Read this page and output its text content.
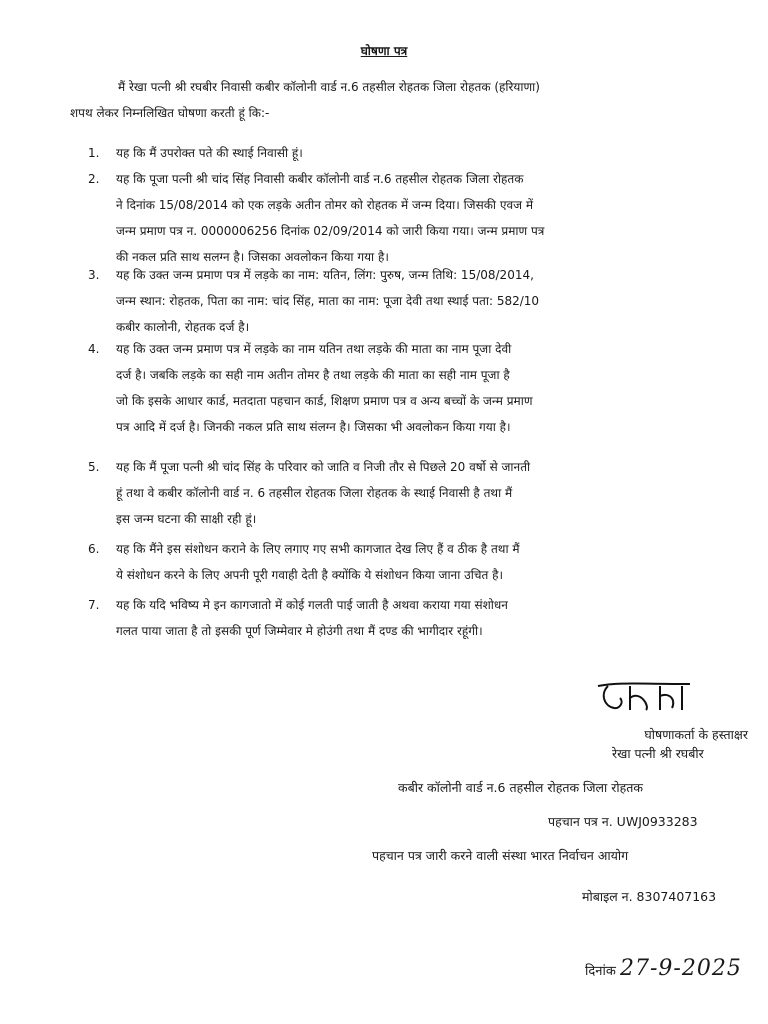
घोषणा पत्र
मैं रेखा पत्नी श्री रघबीर निवासी कबीर कॉलोनी वार्ड न.6 तहसील रोहतक जिला रोहतक (हरियाणा)
शपथ लेकर निम्नलिखित घोषणा करती हूं कि:-
1.	यह कि मैं उपरोक्त पते की स्थाई निवासी हूं।
2.	यह कि पूजा पत्नी श्री चांद सिंह निवासी कबीर कॉलोनी वार्ड न.6 तहसील रोहतक जिला रोहतक
ने दिनांक 15/08/2014 को एक लड़के अतीन तोमर को रोहतक में जन्म दिया। जिसकी एवज में
जन्म प्रमाण पत्र न. 0000006256 दिनांक 02/09/2014 को जारी किया गया। जन्म प्रमाण पत्र
की नकल प्रति साथ सलग्न है। जिसका अवलोकन किया गया है।
3.	यह कि उक्त जन्म प्रमाण पत्र में लड़के का नाम: यतिन, लिंग: पुरुष, जन्म तिथि: 15/08/2014,
जन्म स्थान: रोहतक, पिता का नाम: चांद सिंह, माता का नाम: पूजा देवी तथा स्थाई पता: 582/10
कबीर कालोनी, रोहतक दर्ज है।
4.	यह कि उक्त जन्म प्रमाण पत्र में लड़के का नाम यतिन तथा लड़के की माता का नाम पूजा देवी
दर्ज है। जबकि लड़के का सही नाम अतीन तोमर है तथा लड़के की माता का सही नाम पूजा है
जो कि इसके आधार कार्ड, मतदाता पहचान कार्ड, शिक्षण प्रमाण पत्र व अन्य बच्चों के जन्म प्रमाण
पत्र आदि में दर्ज है। जिनकी नकल प्रति साथ संलग्न है। जिसका भी अवलोकन किया गया है।
5.	यह कि मैं पूजा पत्नी श्री चांद सिंह के परिवार को जाति व निजी तौर से पिछले 20 वर्षो से जानती
हूं तथा वे कबीर कॉलोनी वार्ड न. 6 तहसील रोहतक जिला रोहतक के स्थाई निवासी है तथा मैं
इस जन्म घटना की साक्षी रही हूं।
6.	यह कि मैंने इस संशोधन कराने के लिए लगाए गए सभी कागजात देख लिए हैं व ठीक है तथा मैं
ये संशोधन करने के लिए अपनी पूरी गवाही देती है क्योंकि ये संशोधन किया जाना उचित है।
7.	यह कि यदि भविष्य मे इन कागजातो में कोई गलती पाई जाती है अथवा कराया गया संशोधन
गलत पाया जाता है तो इसकी पूर्ण जिम्मेवार मे होउंगी तथा मैं दण्ड की भागीदार रहूंगी।
घोषणाकर्ता के हस्ताक्षर
रेखा पत्नी श्री रघबीर
कबीर कॉलोनी वार्ड न.6 तहसील रोहतक जिला रोहतक
पहचान पत्र न. UWJ0933283
पहचान पत्र जारी करने वाली संस्था भारत निर्वाचन आयोग
मोबाइल न. 8307407163
दिनांक 27-9-2025
